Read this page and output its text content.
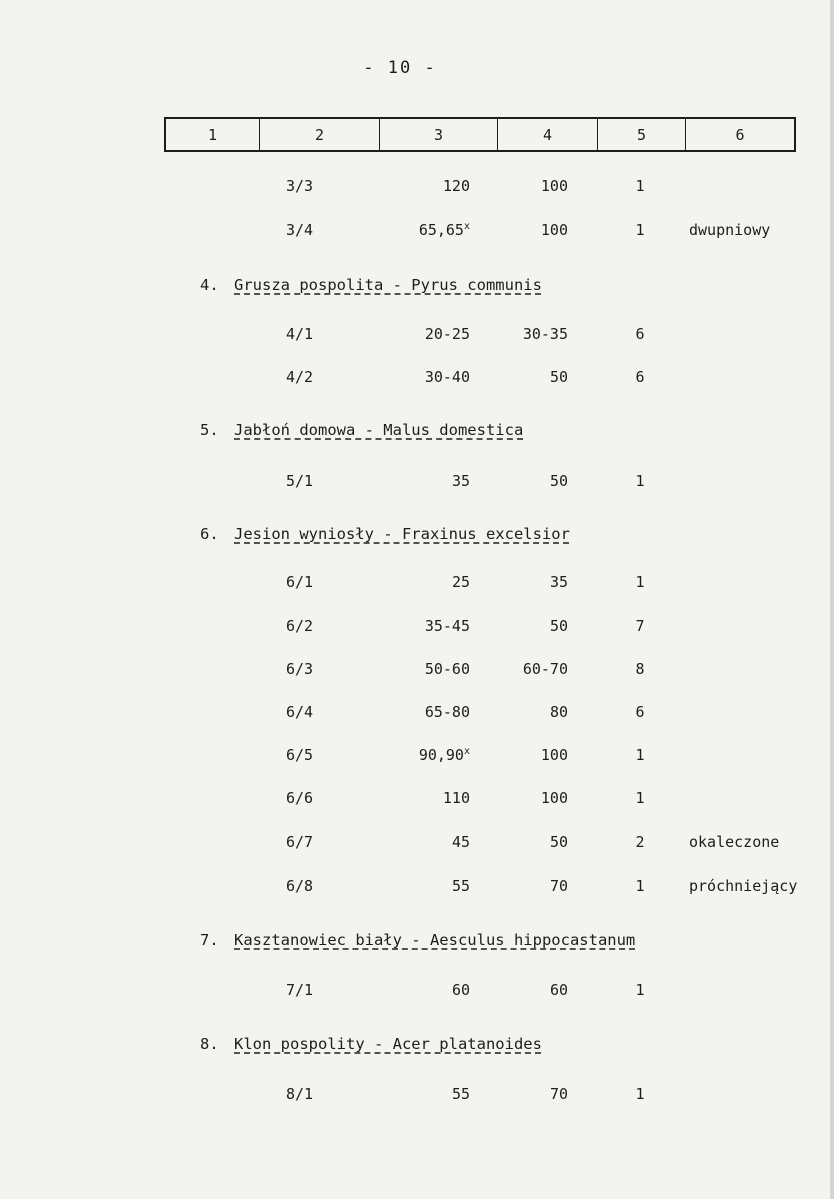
- 10 -
1	2	3	4	5	6
4. Grusza pospolita - Pyrus communis
5. Jabłoń domowa - Malus domestica
6. Jesion wyniosły - Fraxinus excelsior
7. Kasztanowiec biały - Aesculus hippocastanum
8. Klon pospolity - Acer platanoides
3/3	120	100	1
3/4	65,65$^x$	100	1	dwupniowy
4/1	20-25	30-35	6
4/2	30-40	50	6
5/1	35	50	1
6/1	25	35	1
6/2	35-45	50	7
6/3	50-60	60-70	8
6/4	65-80	80	6
6/5	90,90$^x$	100	1
6/6	110	100	1
6/7	45	50	2	okaleczone
6/8	55	70	1	próchniejący
7/1	60	60	1
8/1	55	70	1
